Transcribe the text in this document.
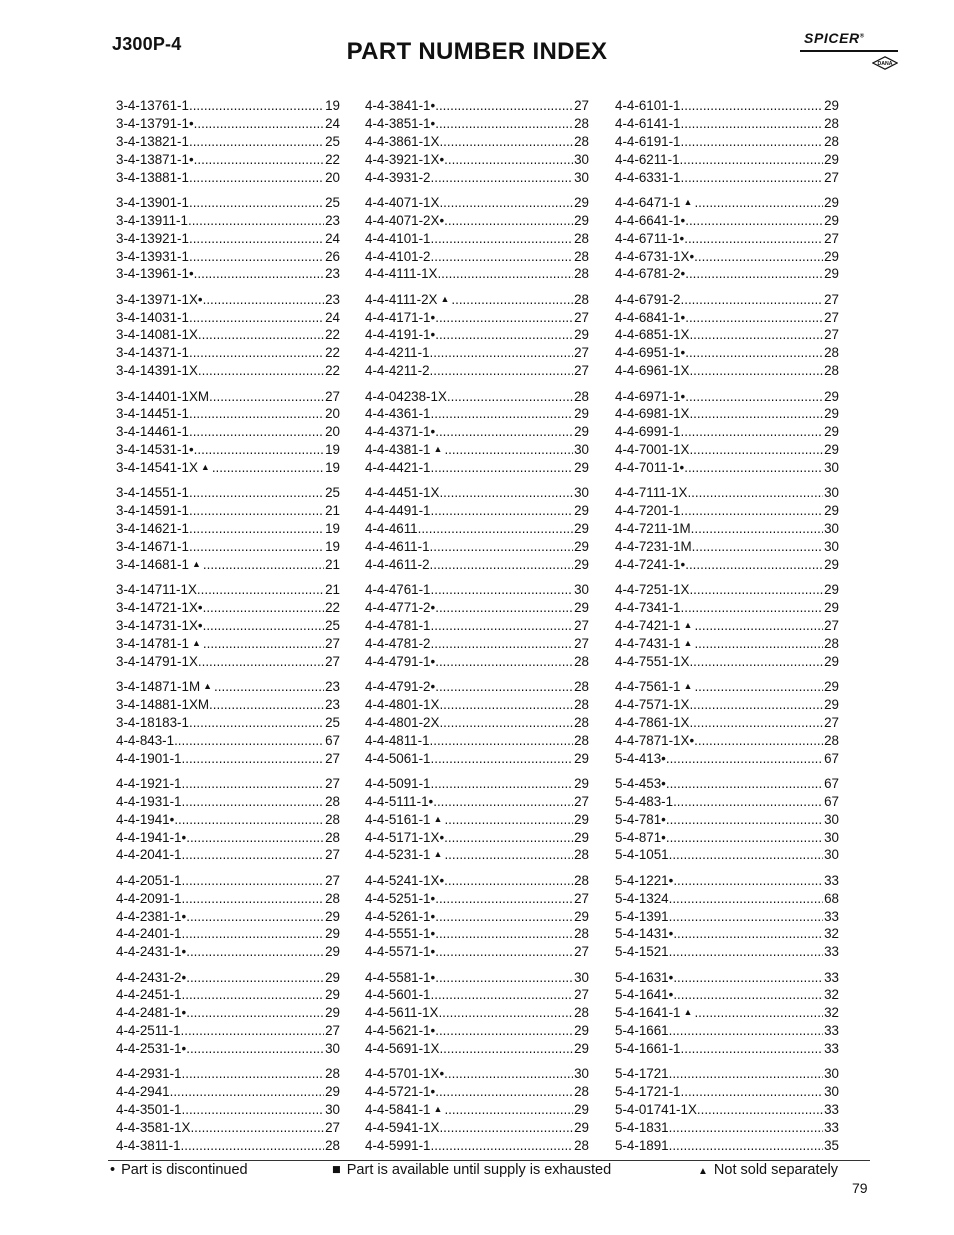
J300P-4	PART NUMBER INDEX	SPICER®
DANA
3-4-13761-1 .....	19
3-4-13791-1 • .....	24
3-4-13821-1 .....	25
3-4-13871-1 • .....	22
3-4-13881-1 .....	20
3-4-13901-1 .....	25
3-4-13911-1 .....	23
3-4-13921-1 .....	24
3-4-13931-1 .....	26
3-4-13961-1 • .....	23
3-4-13971-1X • .....	23
3-4-14031-1 .....	24
3-4-14081-1X .....	22
3-4-14371-1 .....	22
3-4-14391-1X .....	22
3-4-14401-1XM .....	27
3-4-14451-1 .....	20
3-4-14461-1 .....	20
3-4-14531-1 • .....	19
3-4-14541-1X ▲ .....	19
3-4-14551-1 .....	25
3-4-14591-1 .....	21
3-4-14621-1 .....	19
3-4-14671-1 .....	19
3-4-14681-1 ▲ .....	21
3-4-14711-1X .....	21
3-4-14721-1X • .....	22
3-4-14731-1X • .....	25
3-4-14781-1 ▲ .....	27
3-4-14791-1X .....	27
3-4-14871-1M ▲ .....	23
3-4-14881-1XM .....	23
3-4-18183-1 .....	25
4-4-843-1 .....	67
4-4-1901-1 .....	27
4-4-1921-1 .....	27
4-4-1931-1 .....	28
4-4-1941 • .....	28
4-4-1941-1 • .....	28
4-4-2041-1 .....	27
4-4-2051-1 .....	27
4-4-2091-1 .....	28
4-4-2381-1 • .....	29
4-4-2401-1 .....	29
4-4-2431-1 • .....	29
4-4-2431-2 • .....	29
4-4-2451-1 .....	29
4-4-2481-1 • .....	29
4-4-2511-1 .....	27
4-4-2531-1 • .....	30
4-4-2931-1 .....	28
4-4-2941 .....	29
4-4-3501-1 .....	30
4-4-3581-1X .....	27
4-4-3811-1 .....	28
4-4-3841-1 • .....	27
4-4-3851-1 • .....	28
4-4-3861-1X .....	28
4-4-3921-1X • .....	30
4-4-3931-2 .....	30
4-4-4071-1X .....	29
4-4-4071-2X • .....	29
4-4-4101-1 .....	28
4-4-4101-2 .....	28
4-4-4111-1X .....	28
4-4-4111-2X ▲ .....	28
4-4-4171-1 • .....	27
4-4-4191-1 • .....	29
4-4-4211-1 .....	27
4-4-4211-2 .....	27
4-4-04238-1X .....	28
4-4-4361-1 .....	29
4-4-4371-1 • .....	29
4-4-4381-1 ▲ .....	30
4-4-4421-1 .....	29
4-4-4451-1X .....	30
4-4-4491-1 .....	29
4-4-4611 .....	29
4-4-4611-1 .....	29
4-4-4611-2 .....	29
4-4-4761-1 .....	30
4-4-4771-2 • .....	29
4-4-4781-1 .....	27
4-4-4781-2 .....	27
4-4-4791-1 • .....	28
4-4-4791-2 • .....	28
4-4-4801-1X .....	28
4-4-4801-2X .....	28
4-4-4811-1 .....	28
4-4-5061-1 .....	29
4-4-5091-1 .....	29
4-4-5111-1 • .....	27
4-4-5161-1 ▲ .....	29
4-4-5171-1X • .....	29
4-4-5231-1 ▲ .....	28
4-4-5241-1X • .....	28
4-4-5251-1 • .....	27
4-4-5261-1 • .....	29
4-4-5551-1 • .....	28
4-4-5571-1 • .....	27
4-4-5581-1 • .....	30
4-4-5601-1 .....	27
4-4-5611-1X .....	28
4-4-5621-1 • .....	29
4-4-5691-1X .....	29
4-4-5701-1X • .....	30
4-4-5721-1 • .....	28
4-4-5841-1 ▲ .....	29
4-4-5941-1X .....	29
4-4-5991-1 .....	28
4-4-6101-1 .....	29
4-4-6141-1 .....	28
4-4-6191-1 .....	28
4-4-6211-1 .....	29
4-4-6331-1 .....	27
4-4-6471-1 ▲ .....	29
4-4-6641-1 • .....	29
4-4-6711-1 • .....	27
4-4-6731-1X • .....	29
4-4-6781-2 • .....	29
4-4-6791-2 .....	27
4-4-6841-1 • .....	27
4-4-6851-1X .....	27
4-4-6951-1 • .....	28
4-4-6961-1X .....	28
4-4-6971-1 • .....	29
4-4-6981-1X .....	29
4-4-6991-1 .....	29
4-4-7001-1X .....	29
4-4-7011-1 • .....	30
4-4-7111-1X .....	30
4-4-7201-1 .....	29
4-4-7211-1M .....	30
4-4-7231-1M .....	30
4-4-7241-1 • .....	29
4-4-7251-1X .....	29
4-4-7341-1 .....	29
4-4-7421-1 ▲ .....	27
4-4-7431-1 ▲ .....	28
4-4-7551-1X .....	29
4-4-7561-1 ▲ .....	29
4-4-7571-1X .....	29
4-4-7861-1X .....	27
4-4-7871-1X • .....	28
5-4-413 • .....	67
5-4-453 • .....	67
5-4-483-1 .....	67
5-4-781 • .....	30
5-4-871 • .....	30
5-4-1051 .....	30
5-4-1221 • .....	33
5-4-1324 .....	68
5-4-1391 .....	33
5-4-1431 • .....	32
5-4-1521 .....	33
5-4-1631 • .....	33
5-4-1641 • .....	32
5-4-1641-1 ▲ .....	32
5-4-1661 .....	33
5-4-1661-1 .....	33
5-4-1721 .....	30
5-4-1721-1 .....	30
5-4-01741-1X .....	33
5-4-1831 .....	33
5-4-1891 .....	35
• Part is discontinued	■ Part is available until supply is exhausted	▲ Not sold separately
79
